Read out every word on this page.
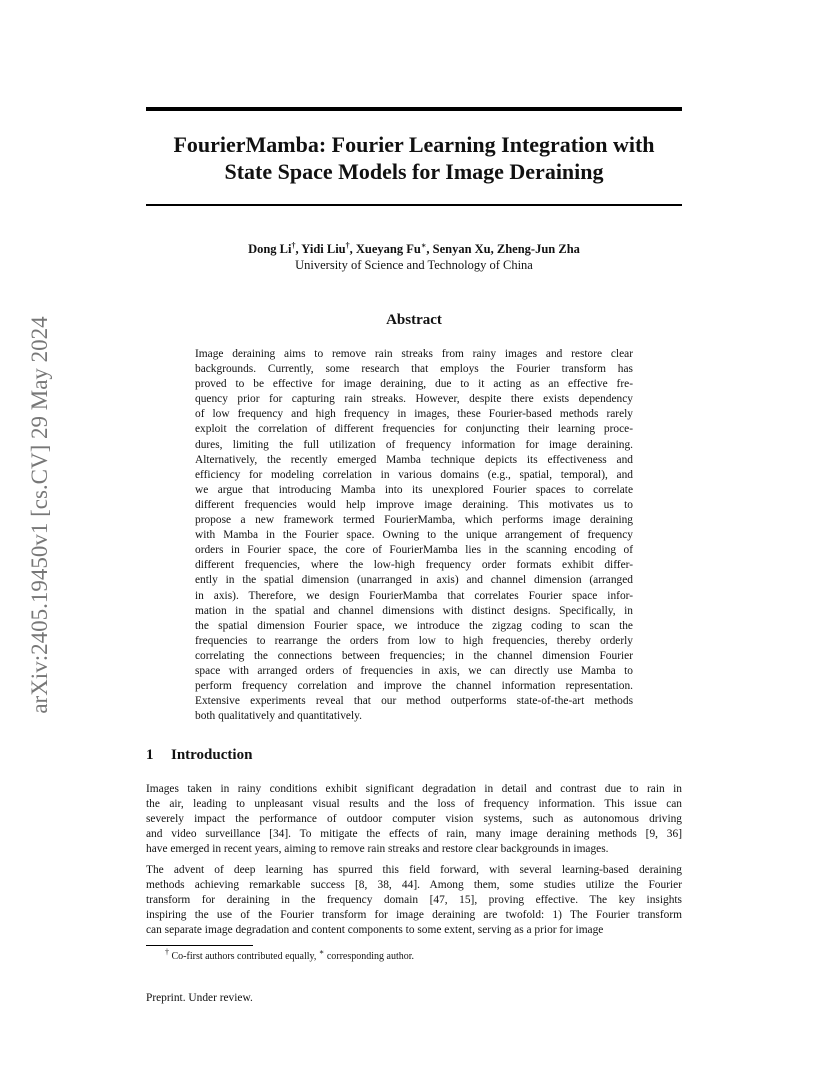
arXiv:2405.19450v1 [cs.CV] 29 May 2024
FourierMamba: Fourier Learning Integration with
State Space Models for Image Deraining
Dong Li†, Yidi Liu†, Xueyang Fu∗, Senyan Xu, Zheng-Jun Zha
University of Science and Technology of China
Abstract
Image deraining aims to remove rain streaks from rainy images and restore clear
backgrounds. Currently, some research that employs the Fourier transform has
proved to be effective for image deraining, due to it acting as an effective fre-
quency prior for capturing rain streaks. However, despite there exists dependency
of low frequency and high frequency in images, these Fourier-based methods rarely
exploit the correlation of different frequencies for conjuncting their learning proce-
dures, limiting the full utilization of frequency information for image deraining.
Alternatively, the recently emerged Mamba technique depicts its effectiveness and
efficiency for modeling correlation in various domains (e.g., spatial, temporal), and
we argue that introducing Mamba into its unexplored Fourier spaces to correlate
different frequencies would help improve image deraining. This motivates us to
propose a new framework termed FourierMamba, which performs image deraining
with Mamba in the Fourier space. Owning to the unique arrangement of frequency
orders in Fourier space, the core of FourierMamba lies in the scanning encoding of
different frequencies, where the low-high frequency order formats exhibit differ-
ently in the spatial dimension (unarranged in axis) and channel dimension (arranged
in axis). Therefore, we design FourierMamba that correlates Fourier space infor-
mation in the spatial and channel dimensions with distinct designs. Specifically, in
the spatial dimension Fourier space, we introduce the zigzag coding to scan the
frequencies to rearrange the orders from low to high frequencies, thereby orderly
correlating the connections between frequencies; in the channel dimension Fourier
space with arranged orders of frequencies in axis, we can directly use Mamba to
perform frequency correlation and improve the channel information representation.
Extensive experiments reveal that our method outperforms state-of-the-art methods
both qualitatively and quantitatively.
1 Introduction
Images taken in rainy conditions exhibit significant degradation in detail and contrast due to rain in
the air, leading to unpleasant visual results and the loss of frequency information. This issue can
severely impact the performance of outdoor computer vision systems, such as autonomous driving
and video surveillance [34]. To mitigate the effects of rain, many image deraining methods [9, 36]
have emerged in recent years, aiming to remove rain streaks and restore clear backgrounds in images.
The advent of deep learning has spurred this field forward, with several learning-based deraining
methods achieving remarkable success [8, 38, 44]. Among them, some studies utilize the Fourier
transform for deraining in the frequency domain [47, 15], proving effective. The key insights
inspiring the use of the Fourier transform for image deraining are twofold: 1) The Fourier transform
can separate image degradation and content components to some extent, serving as a prior for image
† Co-first authors contributed equally, ∗ corresponding author.
Preprint. Under review.
